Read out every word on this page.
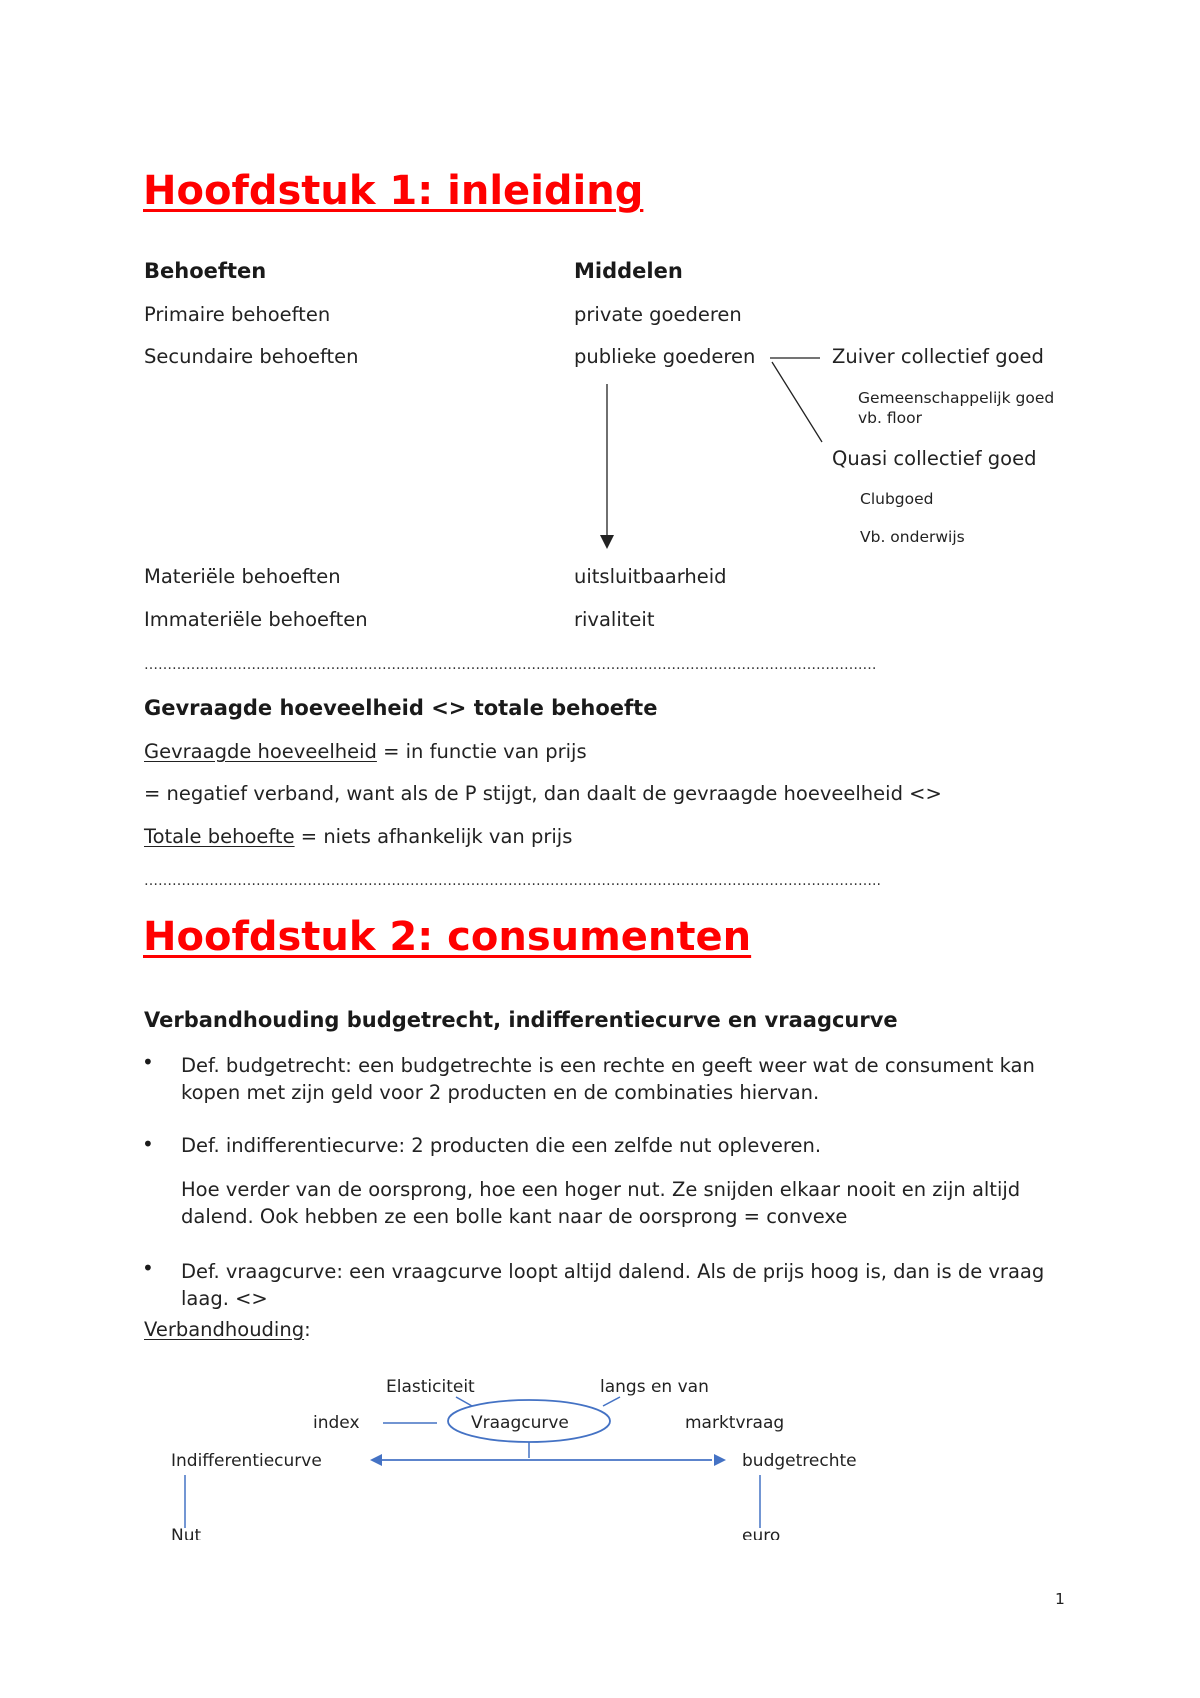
Hoofdstuk 1: inleiding
Behoeften	Middelen
Primaire behoeften	private goederen
Secundaire behoeften	publieke goederen	Zuiver collectief goed
Gemeenschappelijk goed
vb. floor
Quasi collectief goed
Clubgoed
Vb. onderwijs
Materiële behoeften	uitsluitbaarheid
Immateriële behoeften	rivaliteit
……………………………………………………………………………………………………………………………………….…
Gevraagde hoeveelheid <> totale behoefte
Gevraagde hoeveelheid = in functie van prijs
= negatief verband, want als de P stijgt, dan daalt de gevraagde hoeveelheid <>
Totale behoefte = niets afhankelijk van prijs
…………………………………………………………………………………………………………………………………………..
Hoofdstuk 2: consumenten
Verbandhouding budgetrecht, indifferentiecurve en vraagcurve
• Def. budgetrecht: een budgetrechte is een rechte en geeft weer wat de consument kan kopen met zijn geld voor 2 producten en de combinaties hiervan.
• Def. indifferentiecurve: 2 producten die een zelfde nut opleveren.
Hoe verder van de oorsprong, hoe een hoger nut. Ze snijden elkaar nooit en zijn altijd dalend. Ook hebben ze een bolle kant naar de oorsprong = convexe
• Def. vraagcurve: een vraagcurve loopt altijd dalend. Als de prijs hoog is, dan is de vraag laag. <>
Verbandhouding:
Elasticiteit	langs en van
index	Vraagcurve	marktvraag
Indifferentiecurve	budgetrechte
Nut	euro
1
